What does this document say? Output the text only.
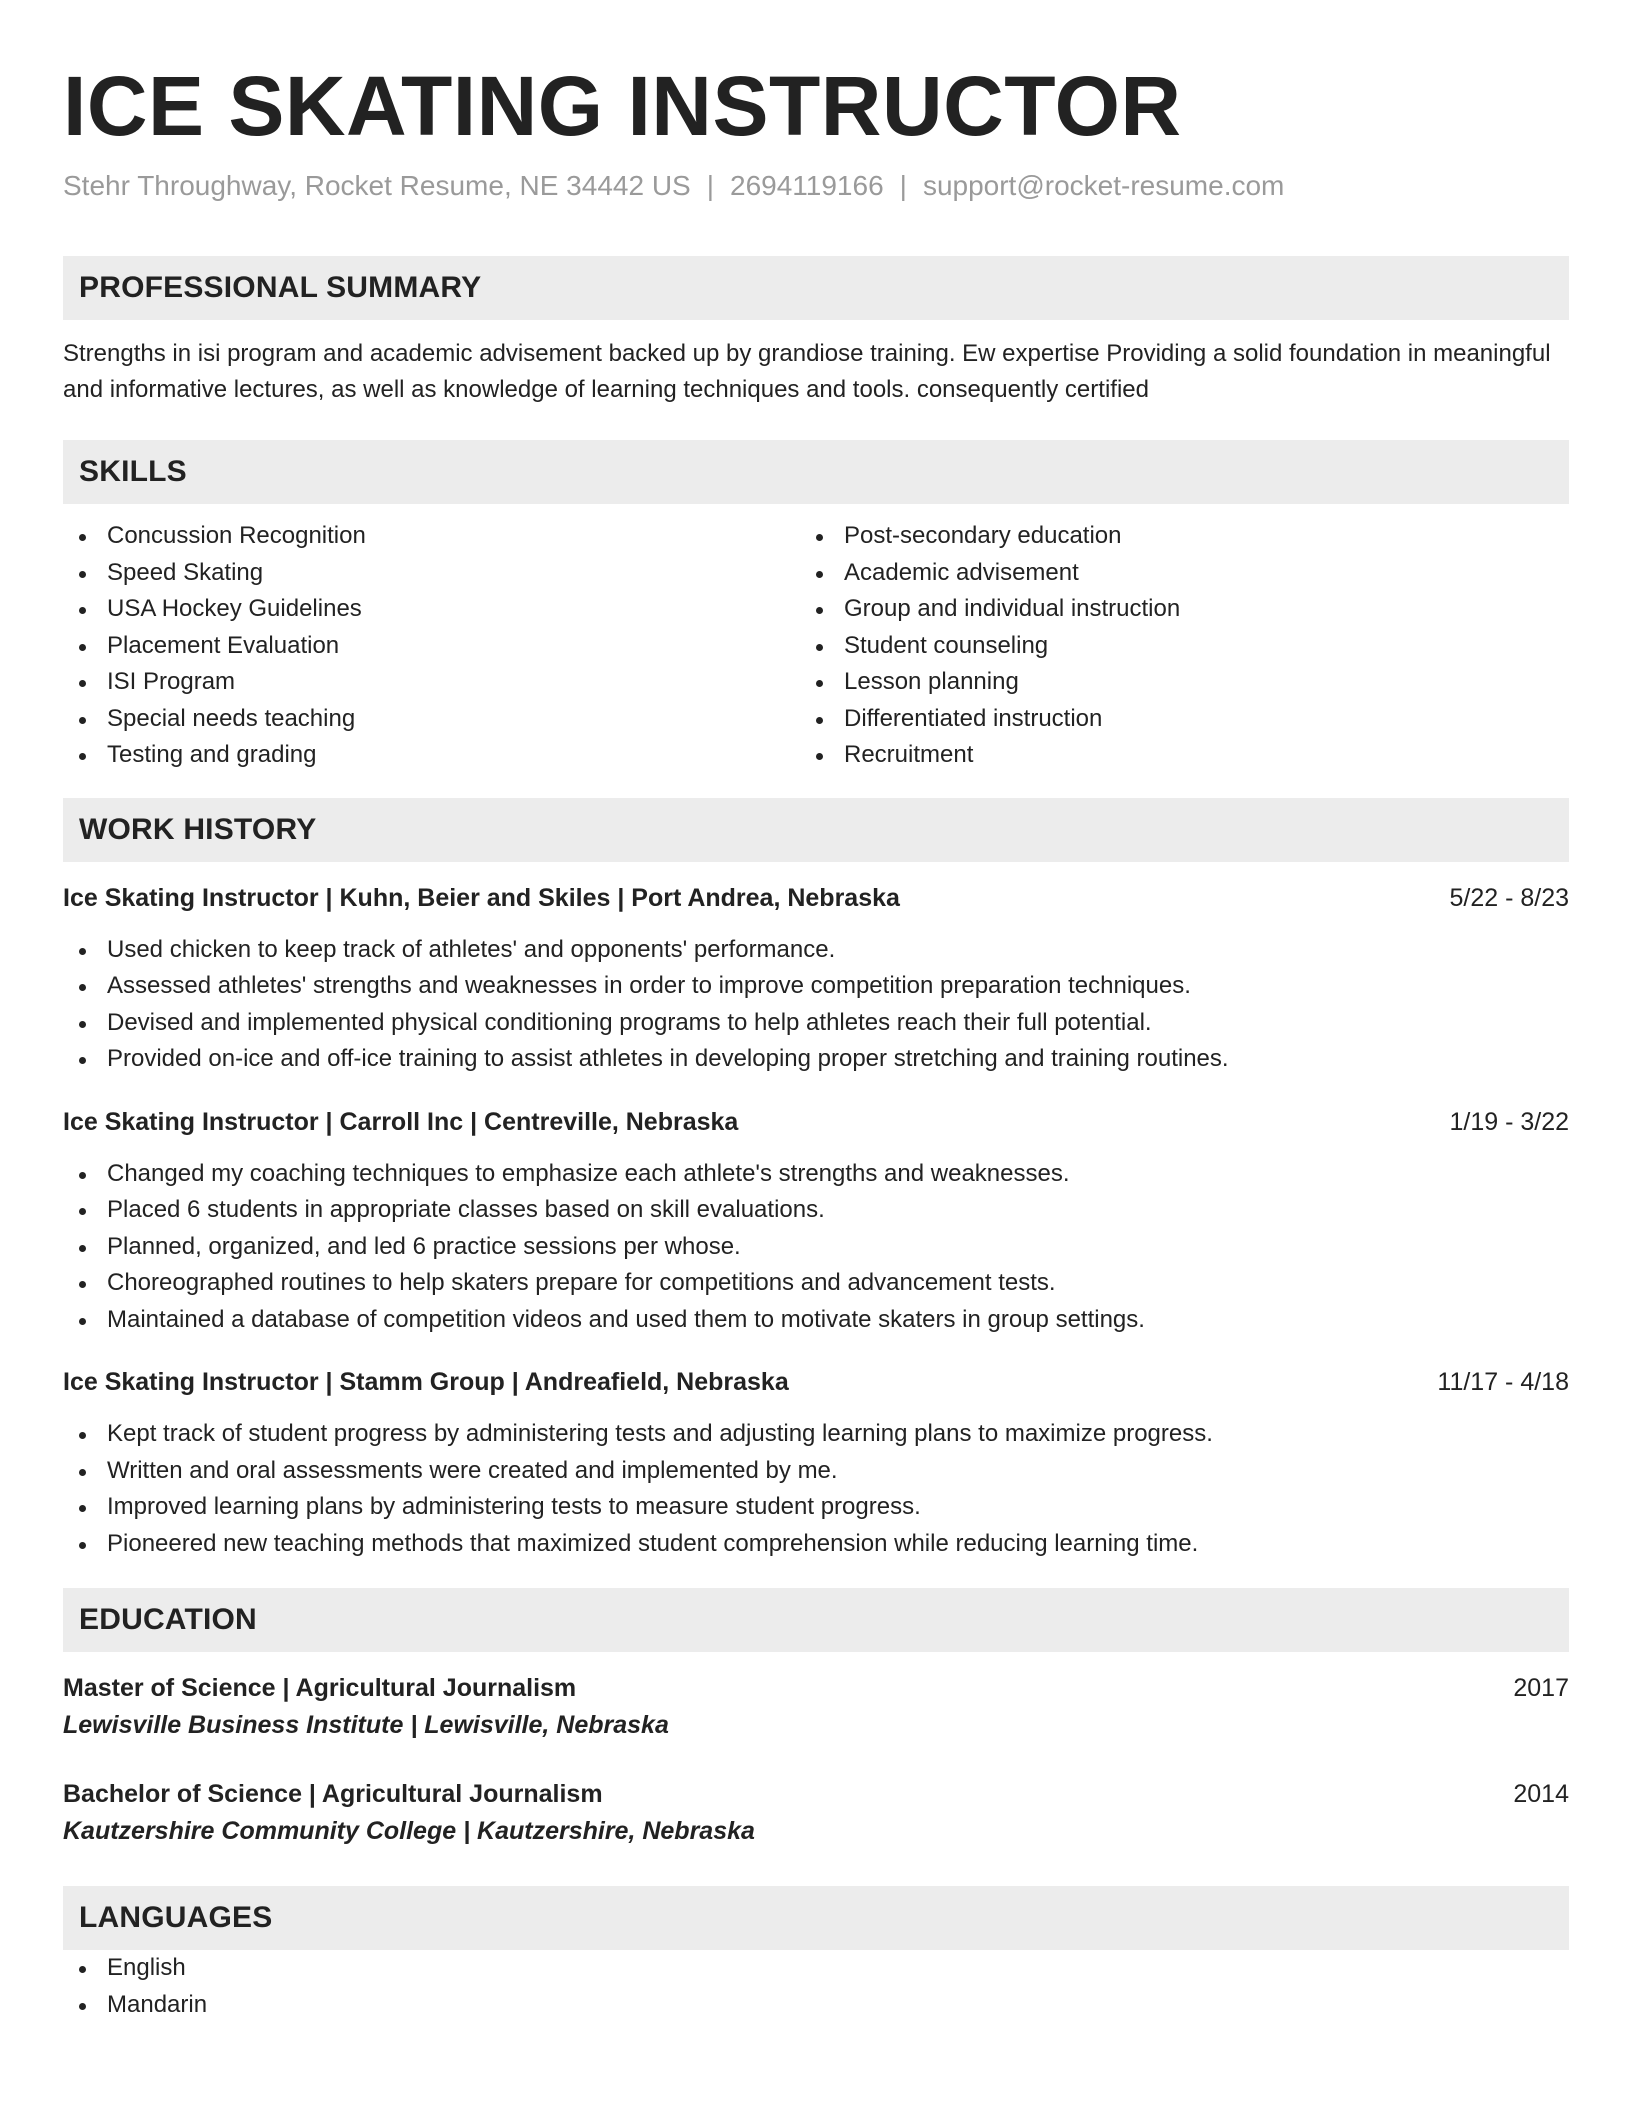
ICE SKATING INSTRUCTOR
Stehr Throughway, Rocket Resume, NE 34442 US | 2694119166 | support@rocket-resume.com
PROFESSIONAL SUMMARY

Strengths in isi program and academic advisement backed up by grandiose training. Ew expertise Providing a solid foundation in meaningful and informative lectures, as well as knowledge of learning techniques and tools. consequently certified

SKILLS
Concussion Recognition
Speed Skating
USA Hockey Guidelines
Placement Evaluation
ISI Program
Special needs teaching
Testing and grading
Post-secondary education
Academic advisement
Group and individual instruction
Student counseling
Lesson planning
Differentiated instruction
Recruitment
WORK HISTORY
Ice Skating Instructor | Kuhn, Beier and Skiles | Port Andrea, Nebraska	5/22 - 8/23
Used chicken to keep track of athletes' and opponents' performance.
Assessed athletes' strengths and weaknesses in order to improve competition preparation techniques.
Devised and implemented physical conditioning programs to help athletes reach their full potential.
Provided on-ice and off-ice training to assist athletes in developing proper stretching and training routines.
Ice Skating Instructor | Carroll Inc | Centreville, Nebraska	1/19 - 3/22
Changed my coaching techniques to emphasize each athlete's strengths and weaknesses.
Placed 6 students in appropriate classes based on skill evaluations.
Planned, organized, and led 6 practice sessions per whose.
Choreographed routines to help skaters prepare for competitions and advancement tests.
Maintained a database of competition videos and used them to motivate skaters in group settings.
Ice Skating Instructor | Stamm Group | Andreafield, Nebraska	11/17 - 4/18
Kept track of student progress by administering tests and adjusting learning plans to maximize progress.
Written and oral assessments were created and implemented by me.
Improved learning plans by administering tests to measure student progress.
Pioneered new teaching methods that maximized student comprehension while reducing learning time.
EDUCATION
Master of Science | Agricultural Journalism	2017
Lewisville Business Institute | Lewisville, Nebraska
Bachelor of Science | Agricultural Journalism	2014
Kautzershire Community College | Kautzershire, Nebraska
LANGUAGES
English
Mandarin
